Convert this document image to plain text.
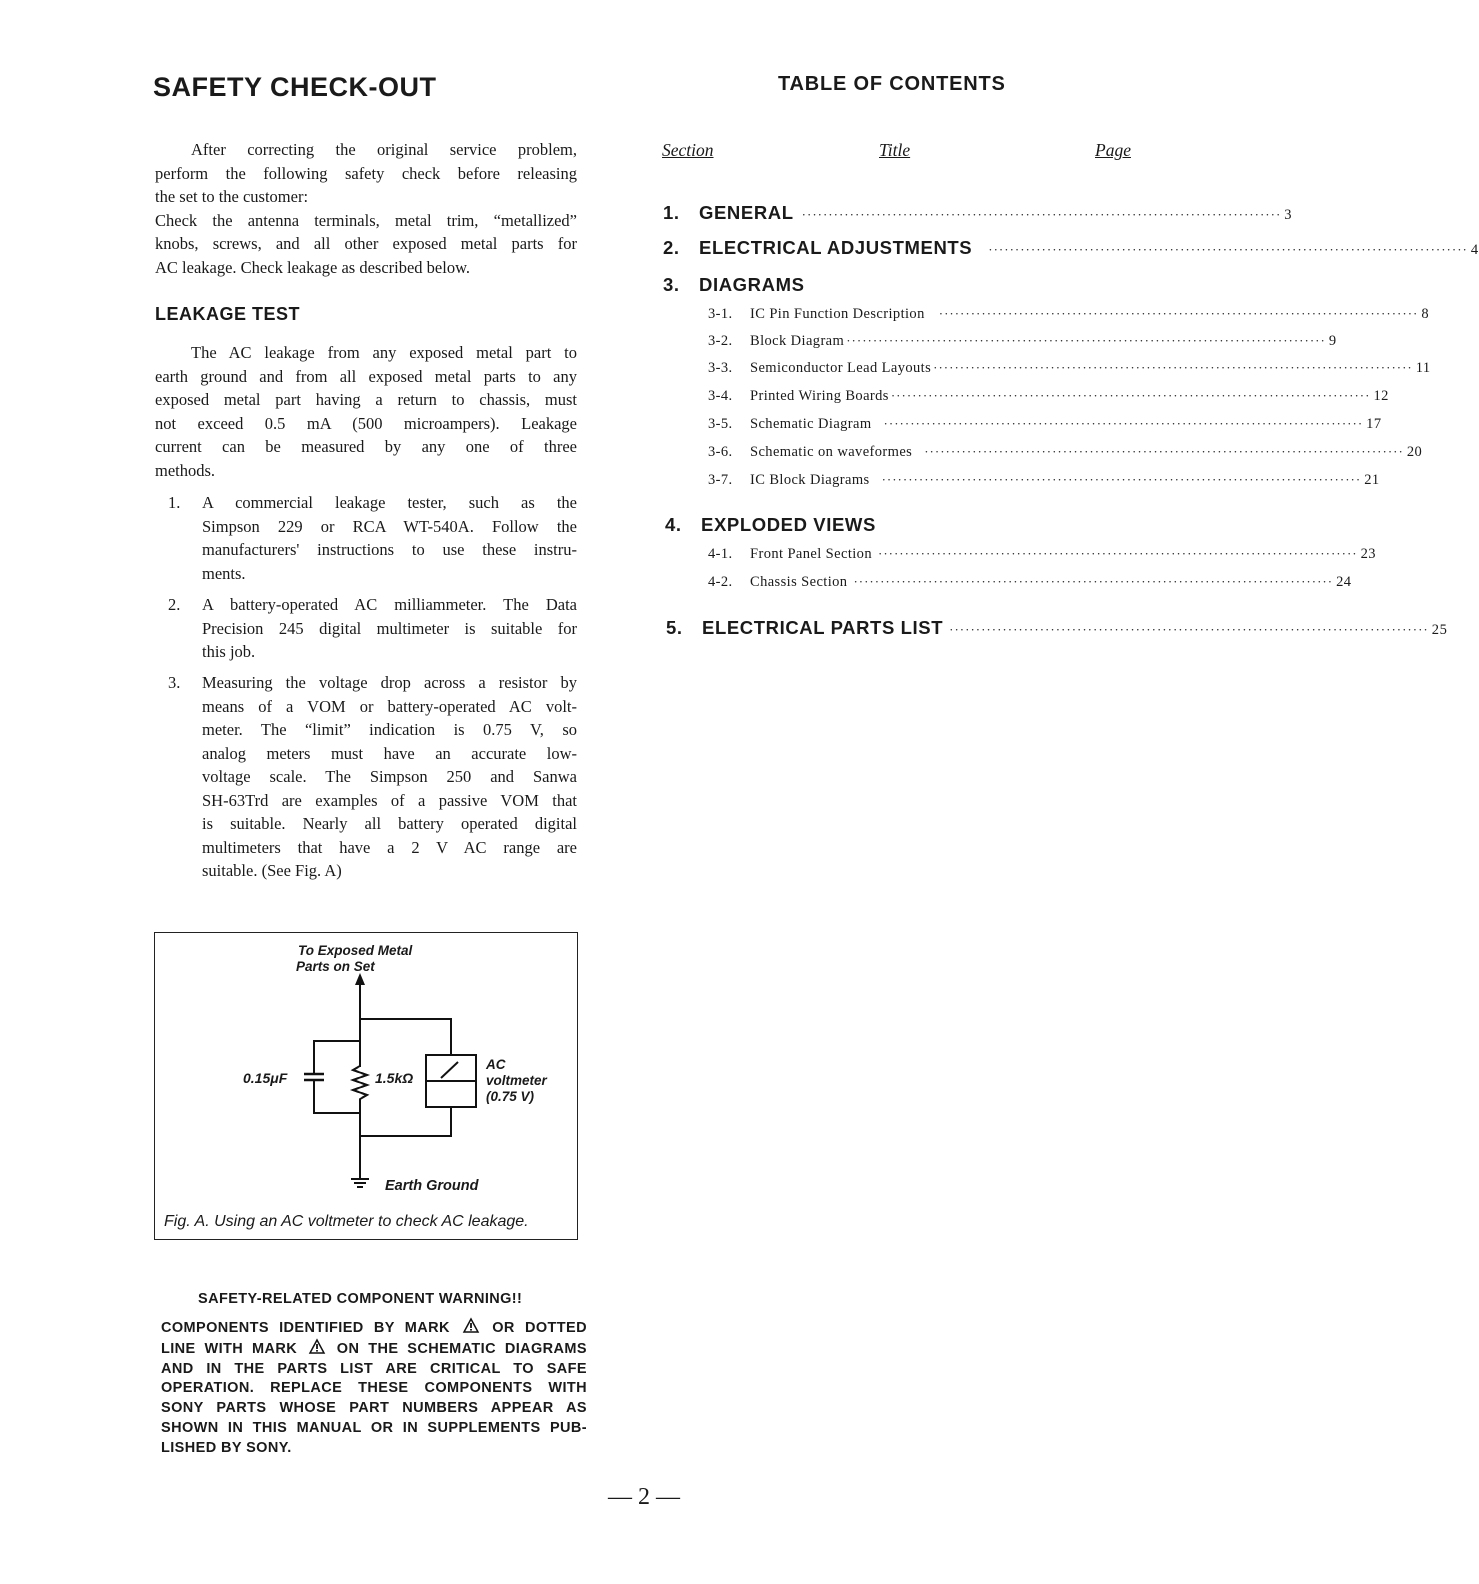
SAFETY CHECK-OUT
After correcting the original service problem,
perform the following safety check before releasing
the set to the customer:
Check the antenna terminals, metal trim, “metallized”
knobs, screws, and all other exposed metal parts for
AC leakage. Check leakage as described below.
LEAKAGE TEST
The AC leakage from any exposed metal part to
earth ground and from all exposed metal parts to any
exposed metal part having a return to chassis, must
not exceed 0.5 mA (500 microampers). Leakage
current can be measured by any one of three
methods.
1. A commercial leakage tester, such as the
Simpson 229 or RCA WT-540A. Follow the
manufacturers' instructions to use these instru-
ments.
2. A battery-operated AC milliammeter. The Data
Precision 245 digital multimeter is suitable for
this job.
3. Measuring the voltage drop across a resistor by
means of a VOM or battery-operated AC volt-
meter. The “limit” indication is 0.75 V, so
analog meters must have an accurate low-
voltage scale. The Simpson 250 and Sanwa
SH-63Trd are examples of a passive VOM that
is suitable. Nearly all battery operated digital
multimeters that have a 2 V AC range are
suitable. (See Fig. A)
To Exposed Metal
Parts on Set
0.15μF	1.5kΩ
AC
voltmeter
(0.75 V)
Earth Ground
Fig. A. Using an AC voltmeter to check AC leakage.
SAFETY-RELATED COMPONENT WARNING!!
COMPONENTS IDENTIFIED BY MARK	OR DOTTED
LINE WITH MARK	ON THE SCHEMATIC DIAGRAMS
AND IN THE PARTS LIST ARE CRITICAL TO SAFE
OPERATION. REPLACE THESE COMPONENTS WITH
SONY PARTS WHOSE PART NUMBERS APPEAR AS
SHOWN IN THIS MANUAL OR IN SUPPLEMENTS PUB-
LISHED BY SONY.
TABLE OF CONTENTS
Section	Title	Page
1.	GENERAL ·························································································· 3
2.	ELECTRICAL ADJUSTMENTS ·························································································· 4
3.	DIAGRAMS
3-1.	IC Pin Function Description ·························································································· 8
3-2.	Block Diagram ·························································································· 9
3-3.	Semiconductor Lead Layouts ·························································································· 11
3-4.	Printed Wiring Boards ·························································································· 12
3-5.	Schematic Diagram ·························································································· 17
3-6.	Schematic on waveformes ·························································································· 20
3-7.	IC Block Diagrams ·························································································· 21
4.	EXPLODED VIEWS
4-1.	Front Panel Section ·························································································· 23
4-2.	Chassis Section ·························································································· 24
5.	ELECTRICAL PARTS LIST ·························································································· 25
— 2 —
